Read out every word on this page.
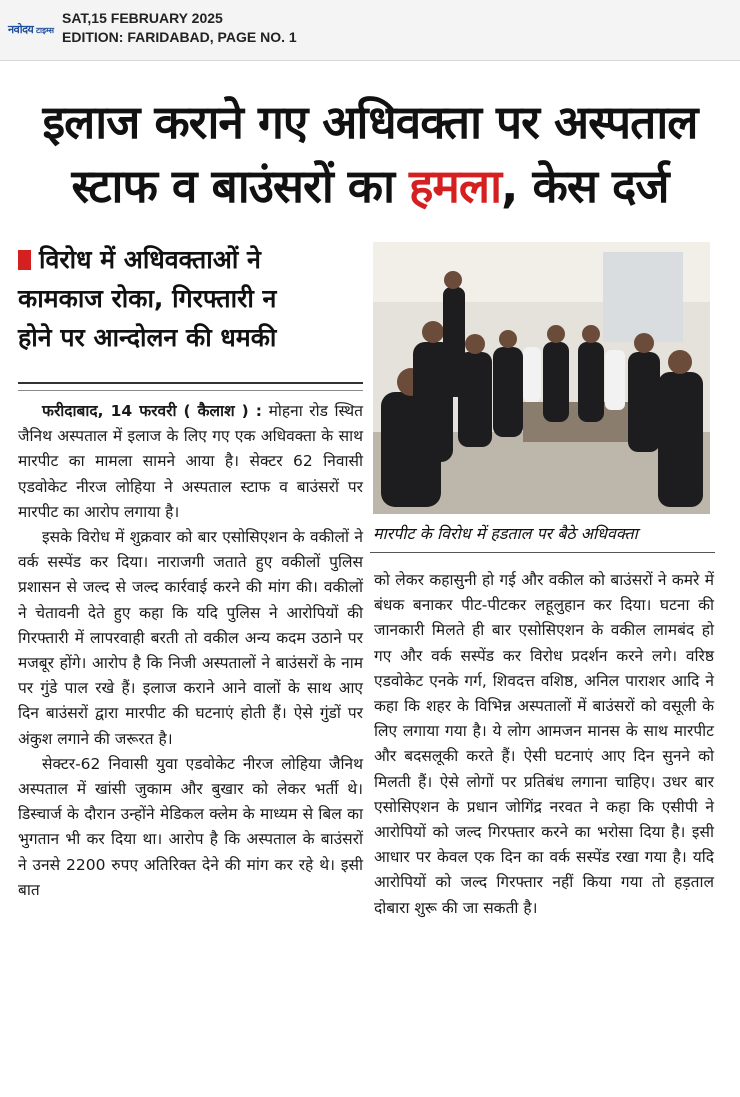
नवोदय टाइम्स
SAT,15 FEBRUARY 2025
EDITION: FARIDABAD, PAGE NO. 1
इलाज कराने गए अधिवक्ता पर अस्पताल
स्टाफ व बाउंसरों का हमला, केस दर्ज
विरोध में अधिवक्ताओं ने
कामकाज रोका, गिरफ्तारी न
होने पर आन्दोलन की धमकी
मारपीट के विरोध में हडताल पर बैठे अधिवक्ता

फरीदाबाद, 14 फरवरी ( कैलाश ) : मोहना रोड स्थित जैनिथ अस्पताल में इलाज के लिए गए एक अधिवक्ता के साथ मारपीट का मामला सामने आया है। सेक्टर 62 निवासी एडवोकेट नीरज लोहिया ने अस्पताल स्टाफ व बाउंसरों पर मारपीट का आरोप लगाया है।

इसके विरोध में शुक्रवार को बार एसोसिएशन के वकीलों ने वर्क सस्पेंड कर दिया। नाराजगी जताते हुए वकीलों पुलिस प्रशासन से जल्द से जल्द कार्रवाई करने की मांग की। वकीलों ने चेतावनी देते हुए कहा कि यदि पुलिस ने आरोपियों की गिरफ्तारी में लापरवाही बरती तो वकील अन्य कदम उठाने पर मजबूर होंगे। आरोप है कि निजी अस्पतालों ने बाउंसरों के नाम पर गुंडे पाल रखे हैं। इलाज कराने आने वालों के साथ आए दिन बाउंसरों द्वारा मारपीट की घटनाएं होती हैं। ऐसे गुंडों पर अंकुश लगाने की जरूरत है।

सेक्टर-62 निवासी युवा एडवोकेट नीरज लोहिया जैनिथ अस्पताल में खांसी जुकाम और बुखार को लेकर भर्ती थे। डिस्चार्ज के दौरान उन्होंने मेडिकल क्लेम के माध्यम से बिल का भुगतान भी कर दिया था। आरोप है कि अस्पताल के बाउंसरों ने उनसे 2200 रुपए अतिरिक्त देने की मांग कर रहे थे। इसी बात

को लेकर कहासुनी हो गई और वकील को बाउंसरों ने कमरे में बंधक बनाकर पीट-पीटकर लहूलुहान कर दिया। घटना की जानकारी मिलते ही बार एसोसिएशन के वकील लामबंद हो गए और वर्क सस्पेंड कर विरोध प्रदर्शन करने लगे। वरिष्ठ एडवोकेट एनके गर्ग, शिवदत्त वशिष्ठ, अनिल पाराशर आदि ने कहा कि शहर के विभिन्न अस्पतालों में बाउंसरों को वसूली के लिए लगाया गया है। ये लोग आमजन मानस के साथ मारपीट और बदसलूकी करते हैं। ऐसी घटनाएं आए दिन सुनने को मिलती हैं। ऐसे लोगों पर प्रतिबंध लगाना चाहिए। उधर बार एसोसिएशन के प्रधान जोगिंद्र नरवत ने कहा कि एसीपी ने आरोपियों को जल्द गिरफ्तार करने का भरोसा दिया है। इसी आधार पर केवल एक दिन का वर्क सस्पेंड रखा गया है। यदि आरोपियों को जल्द गिरफ्तार नहीं किया गया तो हड़ताल दोबारा शुरू की जा सकती है।
